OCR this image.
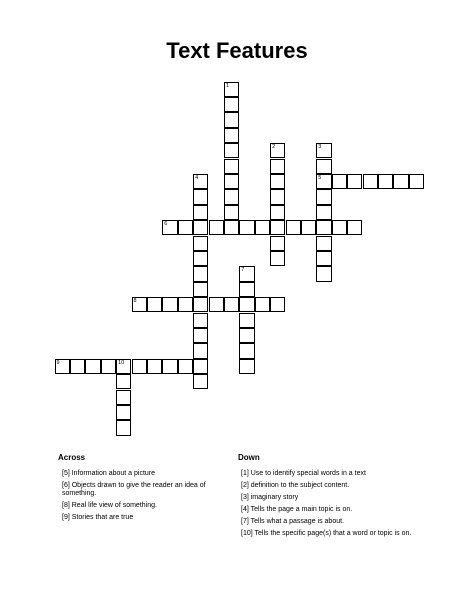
Text Features
1
2	3
5
4
6
7
8
9	10
Across
[5] Information about a picture
[6] Objects drawn to give the reader an idea of something.
[8] Real life view of something.
[9] Stories that are true
Down
[1] Use to identify special words in a text
[2] definition to the subject content.
[3] imaginary story
[4] Tells the page a main topic is on.
[7] Tells what a passage is about.
[10] Tells the specific page(s) that a word or topic is on.
